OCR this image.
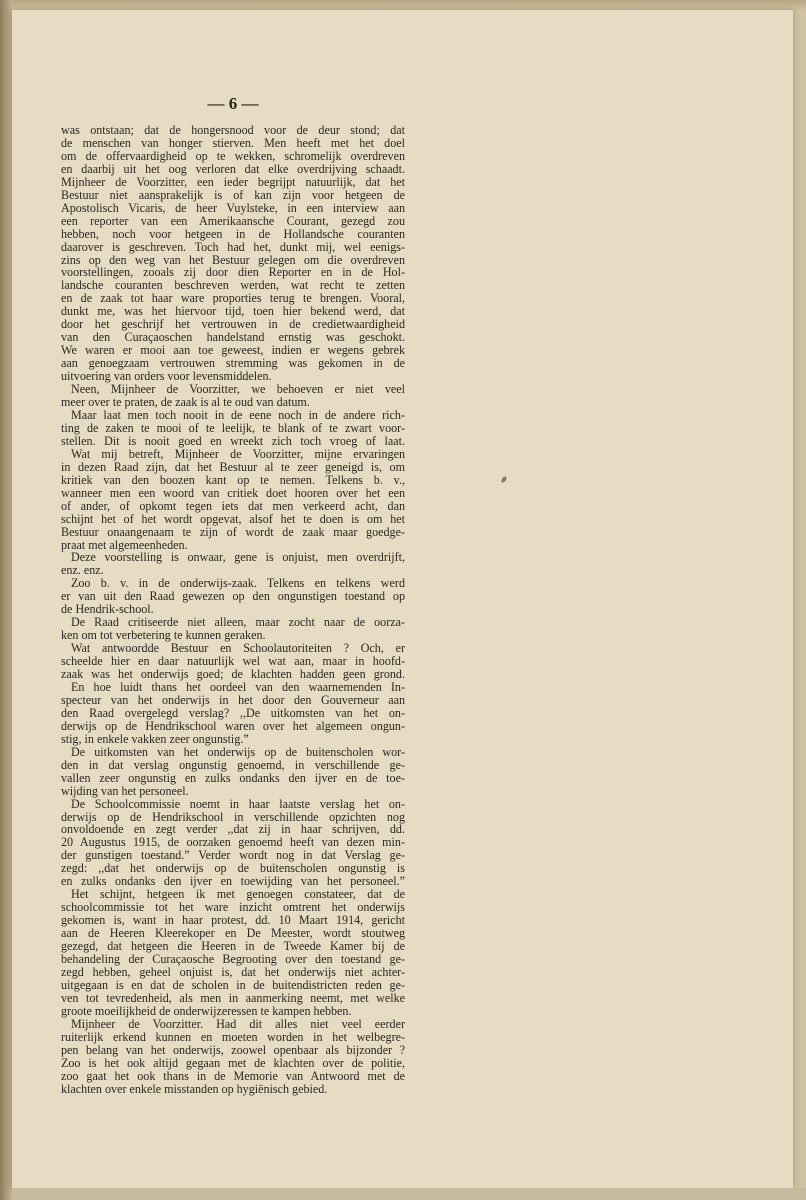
— 6 —
was ontstaan; dat de hongersnood voor de deur stond; dat
de menschen van honger stierven. Men heeft met het doel
om de offervaardigheid op te wekken, schromelijk overdreven
en daarbij uit het oog verloren dat elke overdrijving schaadt.
Mijnheer de Voorzitter, een ieder begrijpt natuurlijk, dat het
Bestuur niet aansprakelijk is of kan zijn voor hetgeen de
Apostolisch Vicaris, de heer Vuylsteke, in een interview aan
een reporter van een Amerikaansche Courant, gezegd zou
hebben, noch voor hetgeen in de Hollandsche couranten
daarover is geschreven. Toch had het, dunkt mij, wel eenigs-
zins op den weg van het Bestuur gelegen om die overdreven
voorstellingen, zooals zij door dien Reporter en in de Hol-
landsche couranten beschreven werden, wat recht te zetten
en de zaak tot haar ware proporties terug te brengen. Vooral,
dunkt me, was het hiervoor tijd, toen hier bekend werd, dat
door het geschrijf het vertrouwen in de credietwaardigheid
van den Curaçaoschen handelstand ernstig was geschokt.
We waren er mooi aan toe geweest, indien er wegens gebrek
aan genoegzaam vertrouwen stremming was gekomen in de
uitvoering van orders voor levensmiddelen.
Neen, Mijnheer de Voorzitter, we behoeven er niet veel
meer over te praten, de zaak is al te oud van datum.
Maar laat men toch nooit in de eene noch in de andere rich-
ting de zaken te mooi of te leelijk, te blank of te zwart voor-
stellen. Dit is nooit goed en wreekt zich toch vroeg of laat.
Wat mij betreft, Mijnheer de Voorzitter, mijne ervaringen
in dezen Raad zijn, dat het Bestuur al te zeer geneigd is, om
kritiek van den boozen kant op te nemen. Telkens b. v.,
wanneer men een woord van critiek doet hooren over het een
of ander, of opkomt tegen iets dat men verkeerd acht, dan
schijnt het of het wordt opgevat, alsof het te doen is om het
Bestuur onaangenaam te zijn of wordt de zaak maar goedge-
praat met algemeenheden.
Deze voorstelling is onwaar, gene is onjuist, men overdrijft,
enz. enz.
Zoo b. v. in de onderwijs-zaak. Telkens en telkens werd
er van uit den Raad gewezen op den ongunstigen toestand op
de Hendrik-school.
De Raad critiseerde niet alleen, maar zocht naar de oorza-
ken om tot verbetering te kunnen geraken.
Wat antwoordde Bestuur en Schoolautoriteiten ? Och, er
scheelde hier en daar natuurlijk wel wat aan, maar in hoofd-
zaak was het onderwijs goed; de klachten hadden geen grond.
En hoe luidt thans het oordeel van den waarnemenden In-
specteur van het onderwijs in het door den Gouverneur aan
den Raad overgelegd verslag? ,,De uitkomsten van het on-
derwijs op de Hendrikschool waren over het algemeen ongun-
stig, in enkele vakken zeer ongunstig.”
De uitkomsten van het onderwijs op de buitenscholen wor-
den in dat verslag ongunstig genoemd, in verschillende ge-
vallen zeer ongunstig en zulks ondanks den ijver en de toe-
wijding van het personeel.
De Schoolcommissie noemt in haar laatste verslag het on-
derwijs op de Hendrikschool in verschillende opzichten nog
onvoldoende en zegt verder ,,dat zij in haar schrijven, dd.
20 Augustus 1915, de oorzaken genoemd heeft van dezen min-
der gunstigen toestand.” Verder wordt nog in dat Verslag ge-
zegd: ,,dat het onderwijs op de buitenscholen ongunstig is
en zulks ondanks den ijver en toewijding van het personeel.”
Het schijnt, hetgeen ik met genoegen constateer, dat de
schoolcommissie tot het ware inzicht omtrent het onderwijs
gekomen is, want in haar protest, dd. 10 Maart 1914, gericht
aan de Heeren Kleerekoper en De Meester, wordt stoutweg
gezegd, dat hetgeen die Heeren in de Tweede Kamer bij de
behandeling der Curaçaosche Begrooting over den toestand ge-
zegd hebben, geheel onjuist is, dat het onderwijs niet achter-
uitgegaan is en dat de scholen in de buitendistricten reden ge-
ven tot tevredenheid, als men in aanmerking neemt, met welke
groote moeilijkheid de onderwijzeressen te kampen hebben.
Mijnheer de Voorzitter. Had dit alles niet veel eerder
ruiterlijk erkend kunnen en moeten worden in het welbegre-
pen belang van het onderwijs, zoowel openbaar als bijzonder ?
Zoo is het ook altijd gegaan met de klachten over de politie,
zoo gaat het ook thans in de Memorie van Antwoord met de
klachten over enkele misstanden op hygiënisch gebied.
